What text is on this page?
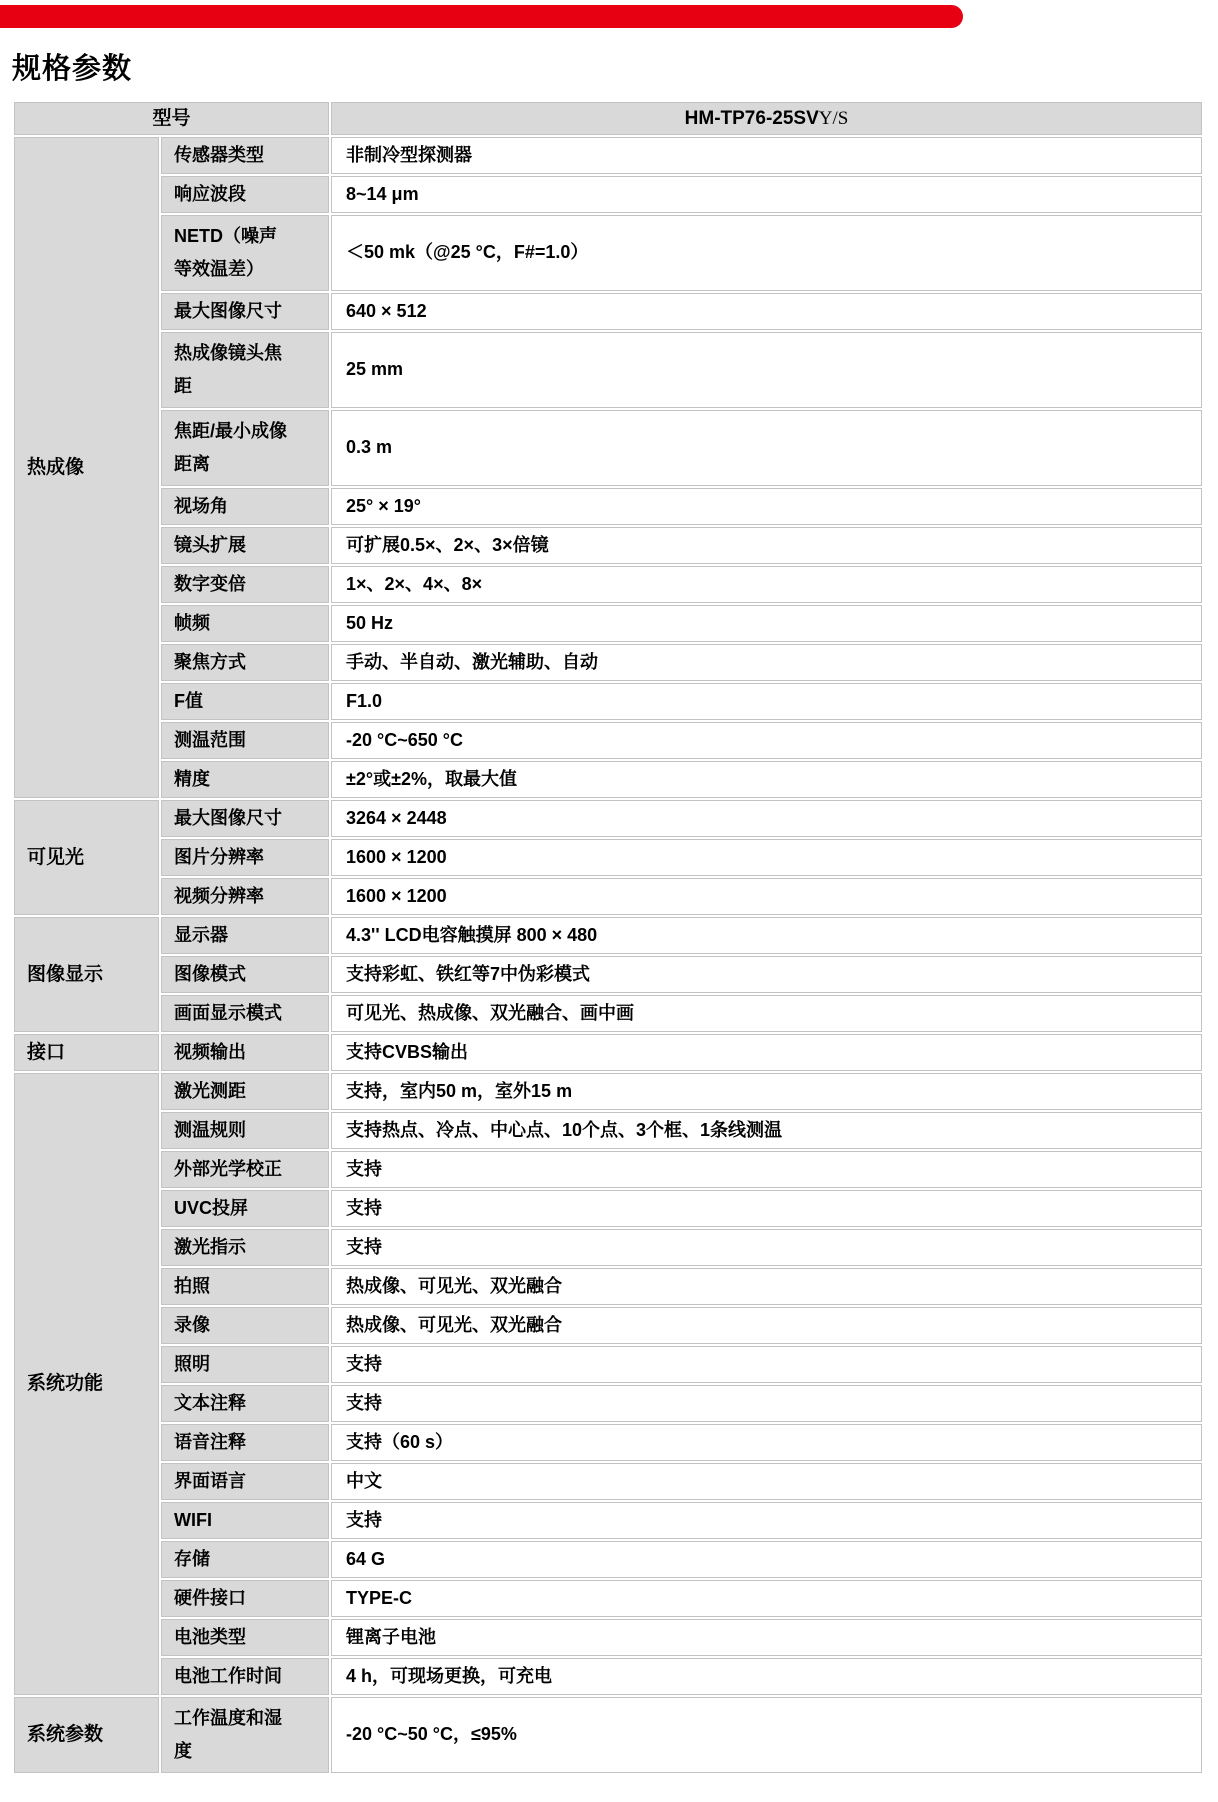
规格参数
型号		HM-TP76-25SVY/S
热成像	传感器类型	非制冷型探测器
	响应波段	8~14 μm
	NETD（噪声等效温差）	＜50 mk（@25 °C，F#=1.0）
	最大图像尺寸	640 × 512
	热成像镜头焦距	25 mm
	焦距/最小成像距离	0.3 m
	视场角	25° × 19°
	镜头扩展	可扩展0.5×、2×、3×倍镜
	数字变倍	1×、2×、4×、8×
	帧频	50 Hz
	聚焦方式	手动、半自动、激光辅助、自动
	F值	F1.0
	测温范围	-20 °C~650 °C
	精度	±2°或±2%，取最大值
可见光	最大图像尺寸	3264 × 2448
	图片分辨率	1600 × 1200
	视频分辨率	1600 × 1200
图像显示	显示器	4.3'' LCD电容触摸屏 800 × 480
	图像模式	支持彩虹、铁红等7中伪彩模式
	画面显示模式	可见光、热成像、双光融合、画中画
接口	视频输出	支持CVBS输出
系统功能	激光测距	支持，室内50 m，室外15 m
	测温规则	支持热点、冷点、中心点、10个点、3个框、1条线测温
	外部光学校正	支持
	UVC投屏	支持
	激光指示	支持
	拍照	热成像、可见光、双光融合
	录像	热成像、可见光、双光融合
	照明	支持
	文本注释	支持
	语音注释	支持（60 s）
	界面语言	中文
	WIFI	支持
	存储	64 G
	硬件接口	TYPE-C
	电池类型	锂离子电池
	电池工作时间	4 h，可现场更换，可充电
系统参数	工作温度和湿度	-20 °C~50 °C，≤95%
